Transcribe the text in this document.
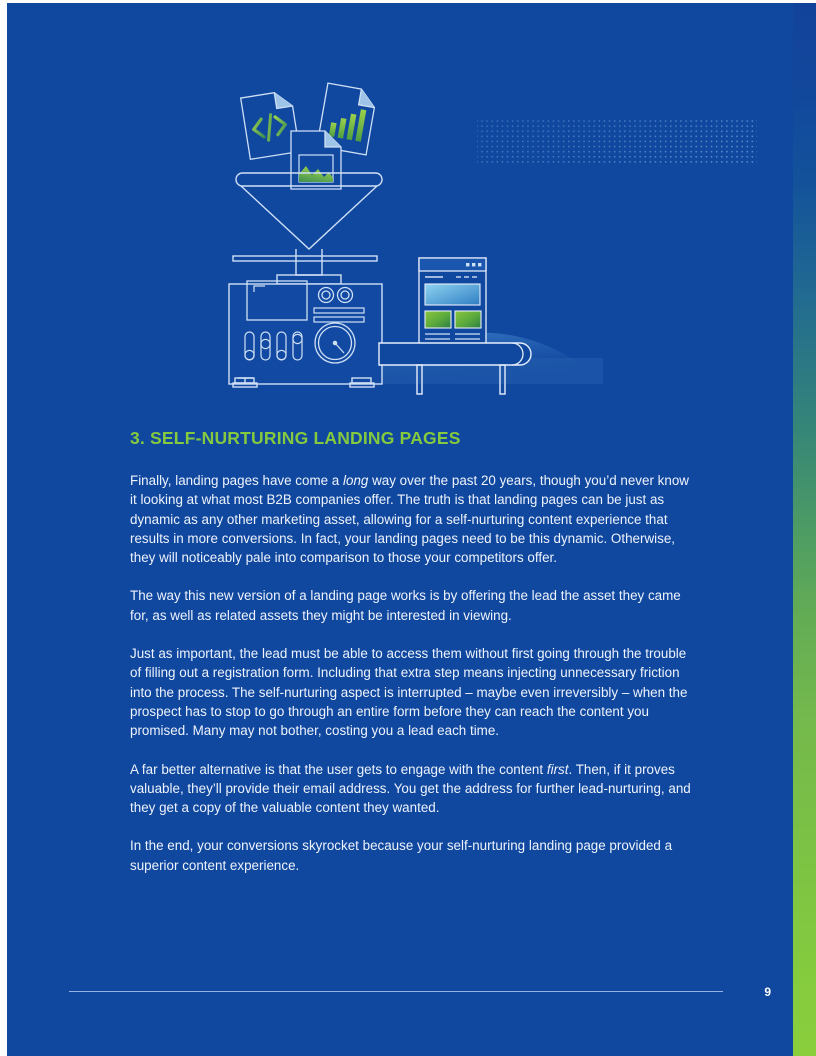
3. SELF-NURTURING LANDING PAGES

Finally, landing pages have come a long way over the past 20 years, though you’d never know it looking at what most B2B companies offer. The truth is that landing pages can be just as dynamic as any other marketing asset, allowing for a self-nurturing content experience that results in more conversions. In fact, your landing pages need to be this dynamic. Otherwise, they will noticeably pale into comparison to those your competitors offer.

The way this new version of a landing page works is by offering the lead the asset they came for, as well as related assets they might be interested in viewing.

Just as important, the lead must be able to access them without first going through the trouble of filling out a registration form. Including that extra step means injecting unnecessary friction into the process. The self-nurturing aspect is interrupted – maybe even irreversibly – when the prospect has to stop to go through an entire form before they can reach the content you promised. Many may not bother, costing you a lead each time.

A far better alternative is that the user gets to engage with the content first. Then, if it proves valuable, they’ll provide their email address. You get the address for further lead-nurturing, and they get a copy of the valuable content they wanted.

In the end, your conversions skyrocket because your self-nurturing landing page provided a superior content experience.

9
